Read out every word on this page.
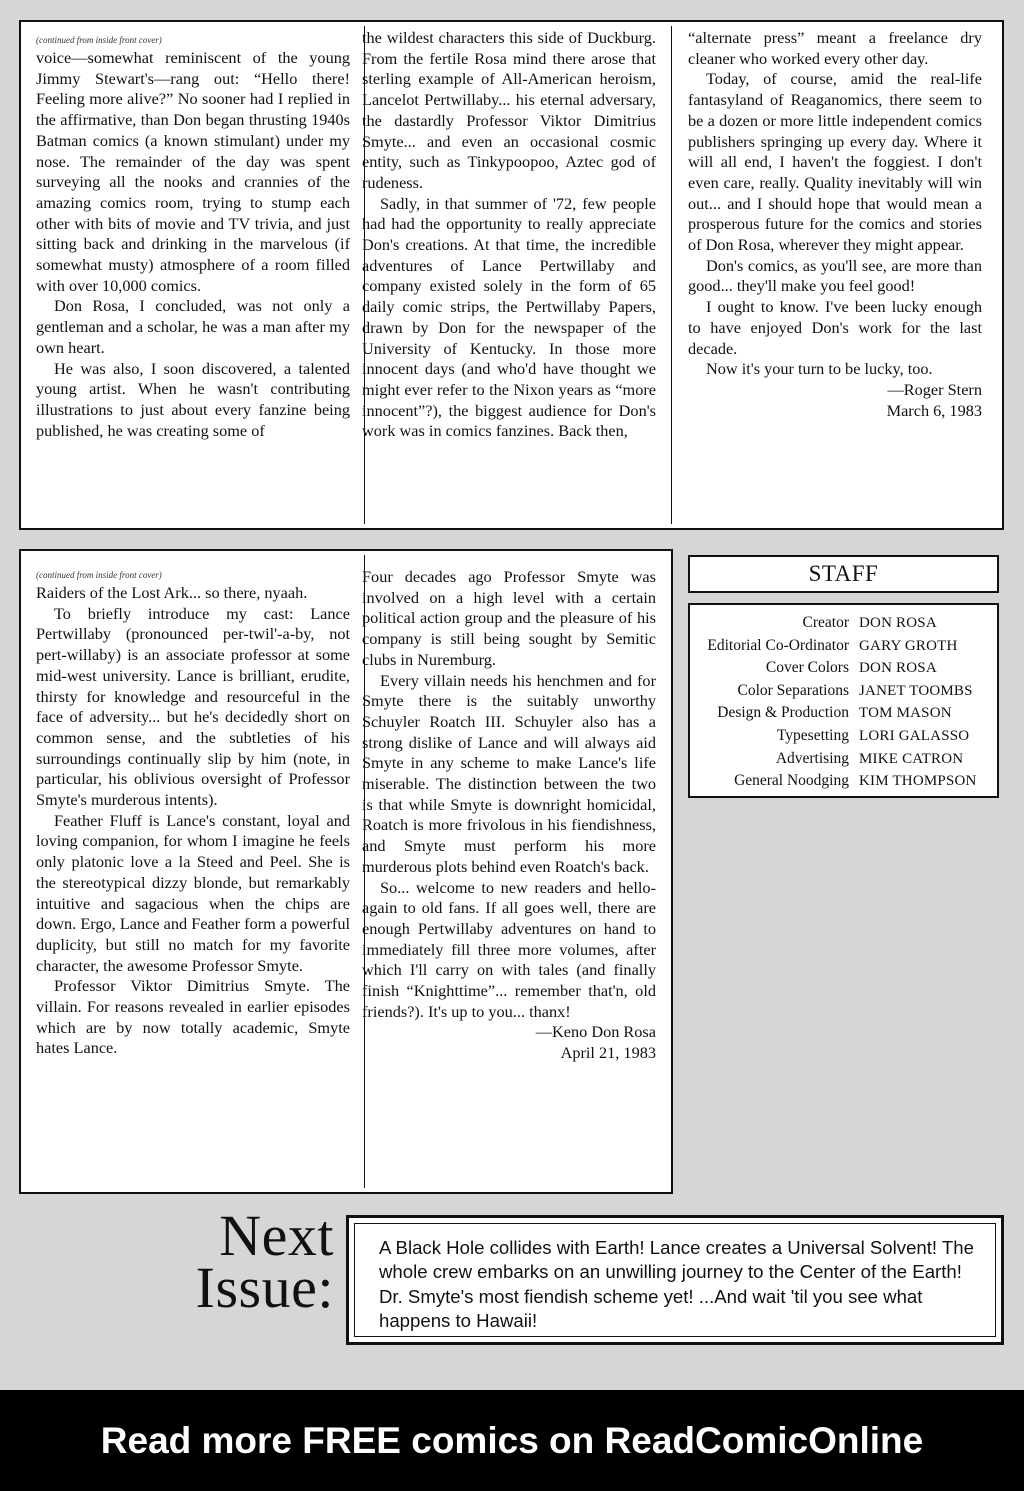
(continued from inside front cover)

voice—somewhat reminiscent of the young Jimmy Stewart's—rang out: “Hello there! Feeling more alive?” No sooner had I replied in the affirmative, than Don began thrusting 1940s Batman comics (a known stimulant) under my nose. The remainder of the day was spent surveying all the nooks and crannies of the amazing comics room, trying to stump each other with bits of movie and TV trivia, and just sitting back and drinking in the marvelous (if somewhat musty) atmosphere of a room filled with over 10,000 comics.

Don Rosa, I concluded, was not only a gentleman and a scholar, he was a man after my own heart.

He was also, I soon discovered, a talented young artist. When he wasn't contributing illustrations to just about every fanzine being published, he was creating some of

the wildest characters this side of Duckburg. From the fertile Rosa mind there arose that sterling example of All-American heroism, Lancelot Pertwillaby... his eternal adversary, the dastardly Professor Viktor Dimitrius Smyte... and even an occasional cosmic entity, such as Tinkypoopoo, Aztec god of rudeness.

Sadly, in that summer of '72, few people had had the opportunity to really appreciate Don's creations. At that time, the incredible adventures of Lance Pertwillaby and company existed solely in the form of 65 daily comic strips, the Pertwillaby Papers, drawn by Don for the newspaper of the University of Kentucky. In those more innocent days (and who'd have thought we might ever refer to the Nixon years as “more innocent”?), the biggest audience for Don's work was in comics fanzines. Back then,

“alternate press” meant a freelance dry cleaner who worked every other day.

Today, of course, amid the real-life fantasyland of Reaganomics, there seem to be a dozen or more little independent comics publishers springing up every day. Where it will all end, I haven't the foggiest. I don't even care, really. Quality inevitably will win out... and I should hope that would mean a prosperous future for the comics and stories of Don Rosa, wherever they might appear.

Don's comics, as you'll see, are more than good... they'll make you feel good!

I ought to know. I've been lucky enough to have enjoyed Don's work for the last decade.

Now it's your turn to be lucky, too.

—Roger Stern

March 6, 1983

(continued from inside front cover)

Raiders of the Lost Ark... so there, nyaah.

To briefly introduce my cast: Lance Pertwillaby (pronounced per-twil'-a-by, not pert-willaby) is an associate professor at some mid-west university. Lance is brilliant, erudite, thirsty for knowledge and resourceful in the face of adversity... but he's decidedly short on common sense, and the subtleties of his surroundings continually slip by him (note, in particular, his oblivious oversight of Professor Smyte's murderous intents).

Feather Fluff is Lance's constant, loyal and loving companion, for whom I imagine he feels only platonic love a la Steed and Peel. She is the stereotypical dizzy blonde, but remarkably intuitive and sagacious when the chips are down. Ergo, Lance and Feather form a powerful duplicity, but still no match for my favorite character, the awesome Professor Smyte.

Professor Viktor Dimitrius Smyte. The villain. For reasons revealed in earlier episodes which are by now totally academic, Smyte hates Lance.

Four decades ago Professor Smyte was involved on a high level with a certain political action group and the pleasure of his company is still being sought by Semitic clubs in Nuremburg.

Every villain needs his henchmen and for Smyte there is the suitably unworthy Schuyler Roatch III. Schuyler also has a strong dislike of Lance and will always aid Smyte in any scheme to make Lance's life miserable. The distinction between the two is that while Smyte is downright homicidal, Roatch is more frivolous in his fiendishness, and Smyte must perform his more murderous plots behind even Roatch's back.

So... welcome to new readers and hello-again to old fans. If all goes well, there are enough Pertwillaby adventures on hand to immediately fill three more volumes, after which I'll carry on with tales (and finally finish “Knighttime”... remember that'n, old friends?). It's up to you... thanx!

—Keno Don Rosa

April 21, 1983

STAFF
Creator DON ROSA
Editorial Co-Ordinator GARY GROTH
Cover Colors DON ROSA
Color Separations JANET TOOMBS
Design & Production TOM MASON
Typesetting LORI GALASSO
Advertising MIKE CATRON
General Noodging KIM THOMPSON
Next
Issue:
A Black Hole collides with Earth! Lance creates a Universal Solvent! The whole crew embarks on an unwilling journey to the Center of the Earth! Dr. Smyte's most fiendish scheme yet! ...And wait 'til you see what happens to Hawaii!
Read more FREE comics on ReadComicOnline
